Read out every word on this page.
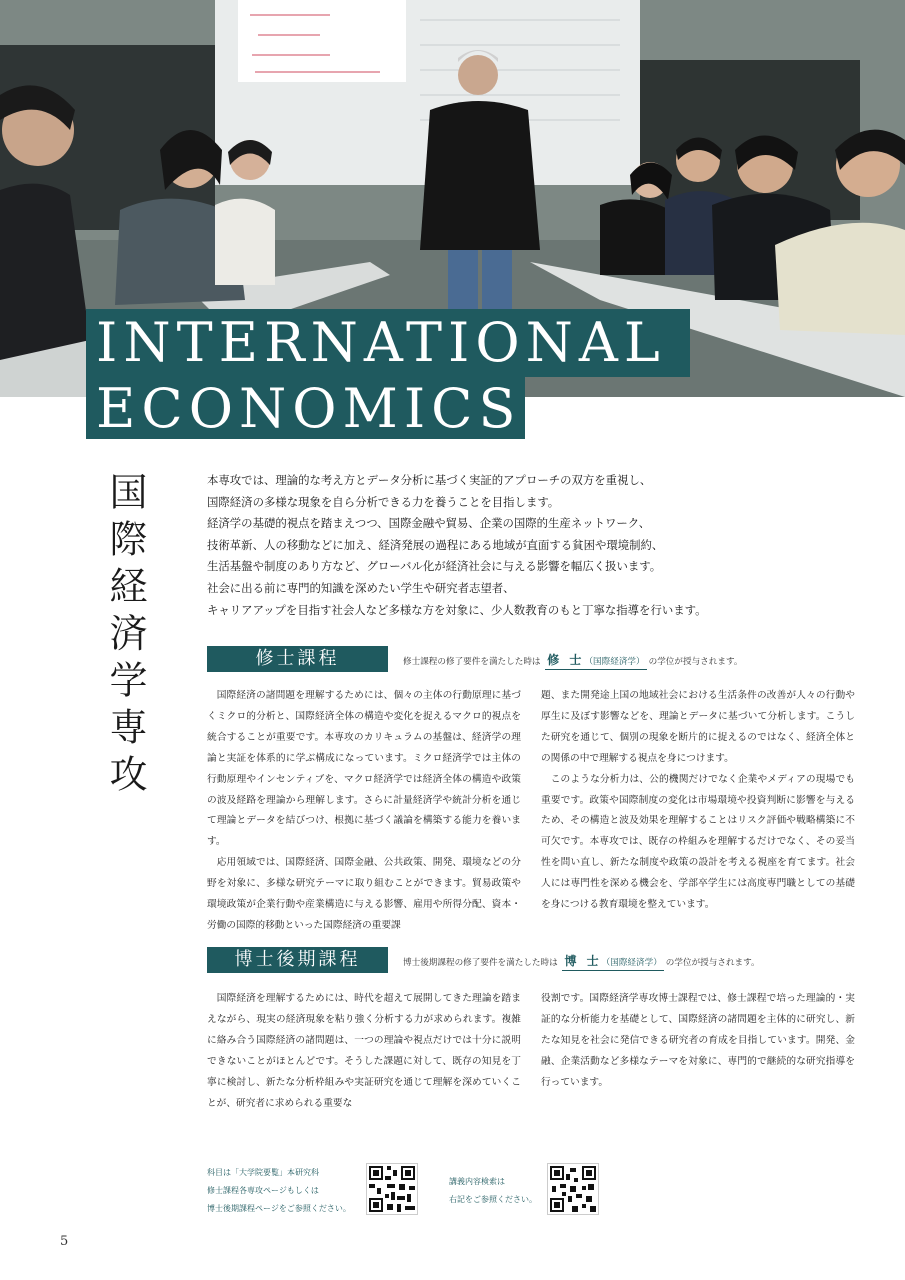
INTERNATIONAL
ECONOMICS
国際経済学専攻	本専攻では、理論的な考え方とデータ分析に基づく実証的アプローチの双方を重視し、
国際経済の多様な現象を自ら分析できる力を養うことを目指します。
経済学の基礎的視点を踏まえつつ、国際金融や貿易、企業の国際的生産ネットワーク、
技術革新、人の移動などに加え、経済発展の過程にある地域が直面する貧困や環境制約、
生活基盤や制度のあり方など、グローバル化が経済社会に与える影響を幅広く扱います。
社会に出る前に専門的知識を深めたい学生や研究者志望者、
キャリアアップを目指す社会人など多様な方を対象に、少人数教育のもと丁寧な指導を行います。
修士課程	修士課程の修了要件を満たした時は 修 士（国際経済学） の学位が授与されます。

国際経済の諸問題を理解するためには、個々の主体の行動原理に基づくミクロ的分析と、国際経済全体の構造や変化を捉えるマクロ的視点を統合することが重要です。本専攻のカリキュラムの基盤は、経済学の理論と実証を体系的に学ぶ構成になっています。ミクロ経済学では主体の行動原理やインセンティブを、マクロ経済学では経済全体の構造や政策の波及経路を理論から理解します。さらに計量経済学や統計分析を通じて理論とデータを結びつけ、根拠に基づく議論を構築する能力を養います。

応用領域では、国際経済、国際金融、公共政策、開発、環境などの分野を対象に、多様な研究テーマに取り組むことができます。貿易政策や環境政策が企業行動や産業構造に与える影響、雇用や所得分配、資本・労働の国際的移動といった国際経済の重要課

題、また開発途上国の地域社会における生活条件の改善が人々の行動や厚生に及ぼす影響などを、理論とデータに基づいて分析します。こうした研究を通じて、個別の現象を断片的に捉えるのではなく、経済全体との関係の中で理解する視点を身につけます。

このような分析力は、公的機関だけでなく企業やメディアの現場でも重要です。政策や国際制度の変化は市場環境や投資判断に影響を与えるため、その構造と波及効果を理解することはリスク評価や戦略構築に不可欠です。本専攻では、既存の枠組みを理解するだけでなく、その妥当性を問い直し、新たな制度や政策の設計を考える視座を育てます。社会人には専門性を深める機会を、学部卒学生には高度専門職としての基礎を身につける教育環境を整えています。

博士後期課程	博士後期課程の修了要件を満たした時は 博 士（国際経済学） の学位が授与されます。

国際経済を理解するためには、時代を超えて展開してきた理論を踏まえながら、現実の経済現象を粘り強く分析する力が求められます。複雑に絡み合う国際経済の諸問題は、一つの理論や視点だけでは十分に説明できないことがほとんどです。そうした課題に対して、既存の知見を丁寧に検討し、新たな分析枠組みや実証研究を通じて理解を深めていくことが、研究者に求められる重要な

役割です。国際経済学専攻博士課程では、修士課程で培った理論的・実証的な分析能力を基礎として、国際経済の諸問題を主体的に研究し、新たな知見を社会に発信できる研究者の育成を目指しています。開発、金融、企業活動など多様なテーマを対象に、専門的で継続的な研究指導を行っています。

科目は「大学院要覧」本研究科
修士課程各専攻ページもしくは
博士後期課程ページをご参照ください。
講義内容検索は
右記をご参照ください。
5
